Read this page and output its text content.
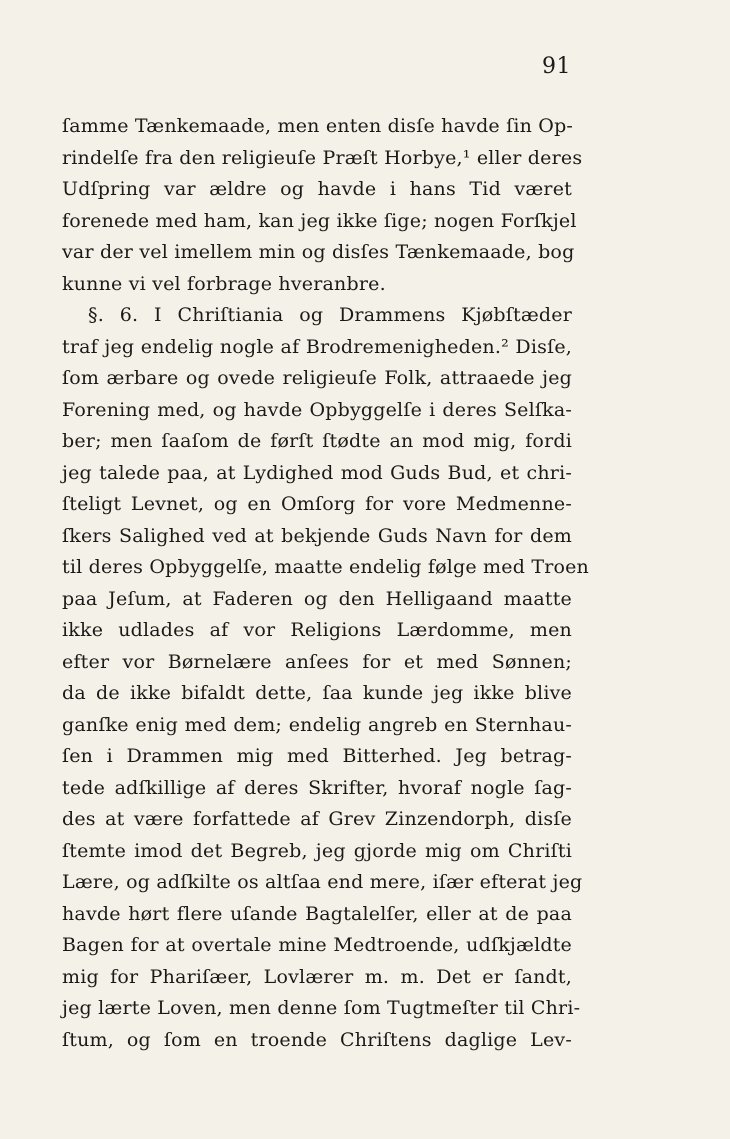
91
ſamme Tænkemaade, men enten disſe havde ſin Op-
rindelſe fra den religieuſe Præſt Horbye,¹ eller deres
Udſpring var ældre og havde i hans Tid været
forenede med ham, kan jeg ikke ſige; nogen Forſkjel
var der vel imellem min og disſes Tænkemaade, bog
kunne vi vel forbrage hveranbre.
§. 6. I Chriſtiania og Drammens Kjøbſtæder
traf jeg endelig nogle af Brodremenigheden.² Disſe,
ſom ærbare og ovede religieuſe Folk, attraaede jeg
Forening med, og havde Opbyggelſe i deres Selſka-
ber; men ſaaſom de førſt ſtødte an mod mig, fordi
jeg talede paa, at Lydighed mod Guds Bud, et chri-
ſteligt Levnet, og en Omſorg for vore Medmenne-
ſkers Salighed ved at bekjende Guds Navn for dem
til deres Opbyggelſe, maatte endelig følge med Troen
paa Jeſum, at Faderen og den Helligaand maatte
ikke udlades af vor Religions Lærdomme, men
efter vor Børnelære anſees for et med Sønnen;
da de ikke bifaldt dette, ſaa kunde jeg ikke blive
ganſke enig med dem; endelig angreb en Sternhau-
ſen i Drammen mig med Bitterhed. Jeg betrag-
tede adſkillige af deres Skrifter, hvoraf nogle ſag-
des at være forfattede af Grev Zinzendorph, disſe
ſtemte imod det Begreb, jeg gjorde mig om Chriſti
Lære, og adſkilte os altſaa end mere, iſær efterat jeg
havde hørt flere uſande Bagtalelſer, eller at de paa
Bagen for at overtale mine Medtroende, udſkjældte
mig for Phariſæer, Lovlærer m. m. Det er ſandt,
jeg lærte Loven, men denne ſom Tugtmeſter til Chri-
ſtum, og ſom en troende Chriſtens daglige Lev-
